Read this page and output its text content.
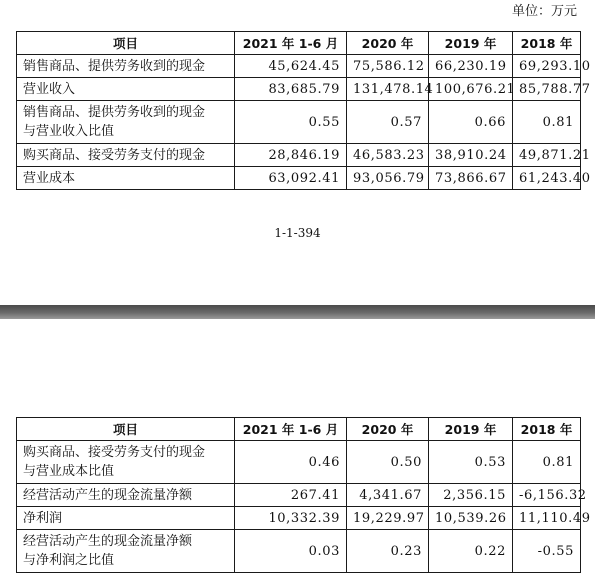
单位：万元
项目	2021 年 1-6 月	2020 年	2019 年	2018 年
销售商品、提供劳务收到的现金	45,624.45	75,586.12	66,230.19	69,293.10
营业收入	83,685.79	131,478.14	100,676.21	85,788.77

销售商品、提供劳务收到的现金
与营业收入比值	0.55	0.57	0.66	0.81
购买商品、接受劳务支付的现金	28,846.19	46,583.23	38,910.24	49,871.21
营业成本	63,092.41	93,056.79	73,866.67	61,243.40
1-1-394
项目	2021 年 1-6 月	2020 年	2019 年	2018 年

购买商品、接受劳务支付的现金
与营业成本比值	0.46	0.50	0.53	0.81
经营活动产生的现金流量净额	267.41	4,341.67	2,356.15	-6,156.32
净利润	10,332.39	19,229.97	10,539.26	11,110.49

经营活动产生的现金流量净额
与净利润之比值	0.03	0.23	0.22	-0.55
